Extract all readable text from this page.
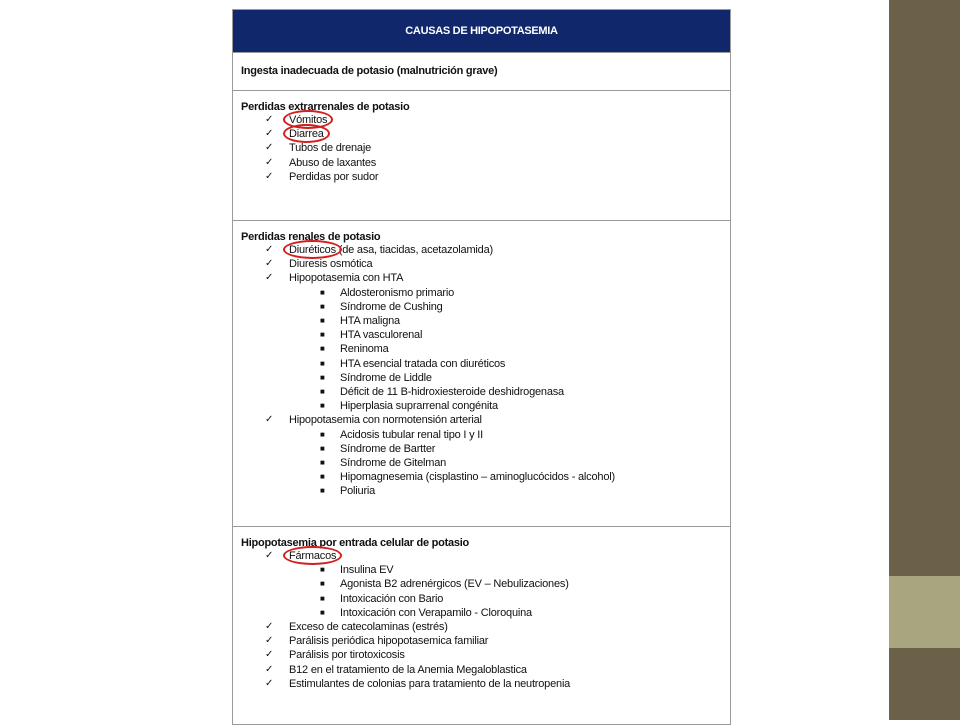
CAUSAS DE HIPOPOTASEMIA
Ingesta inadecuada de potasio (malnutrición grave)
Perdidas extrarrenales de potasio
✓ Vómitos
✓ Diarrea
✓ Tubos de drenaje
✓ Abuso de laxantes
✓ Perdidas por sudor
Perdidas renales de potasio
✓ Diuréticos (de asa, tiacidas, acetazolamida)
✓ Diuresis osmótica
✓ Hipopotasemia con HTA
■ Aldosteronismo primario
■ Síndrome de Cushing
■ HTA maligna
■ HTA vasculorenal
■ Reninoma
■ HTA esencial tratada con diuréticos
■ Síndrome de Liddle
■ Déficit de 11 B-hidroxiesteroide deshidrogenasa
■ Hiperplasia suprarrenal congénita
✓ Hipopotasemia con normotensión arterial
■ Acidosis tubular renal tipo I y II
■ Síndrome de Bartter
■ Síndrome de Gitelman
■ Hipomagnesemia (cisplastino – aminoglucócidos - alcohol)
■ Poliuria
Hipopotasemia por entrada celular de potasio
✓ Fármacos
■ Insulina EV
■ Agonista B2 adrenérgicos (EV – Nebulizaciones)
■ Intoxicación con Bario
■ Intoxicación con Verapamilo - Cloroquina
✓ Exceso de catecolaminas (estrés)
✓ Parálisis periódica hipopotasemica familiar
✓ Parálisis por tirotoxicosis
✓ B12 en el tratamiento de la Anemia Megaloblastica
✓ Estimulantes de colonias para tratamiento de la neutropenia
